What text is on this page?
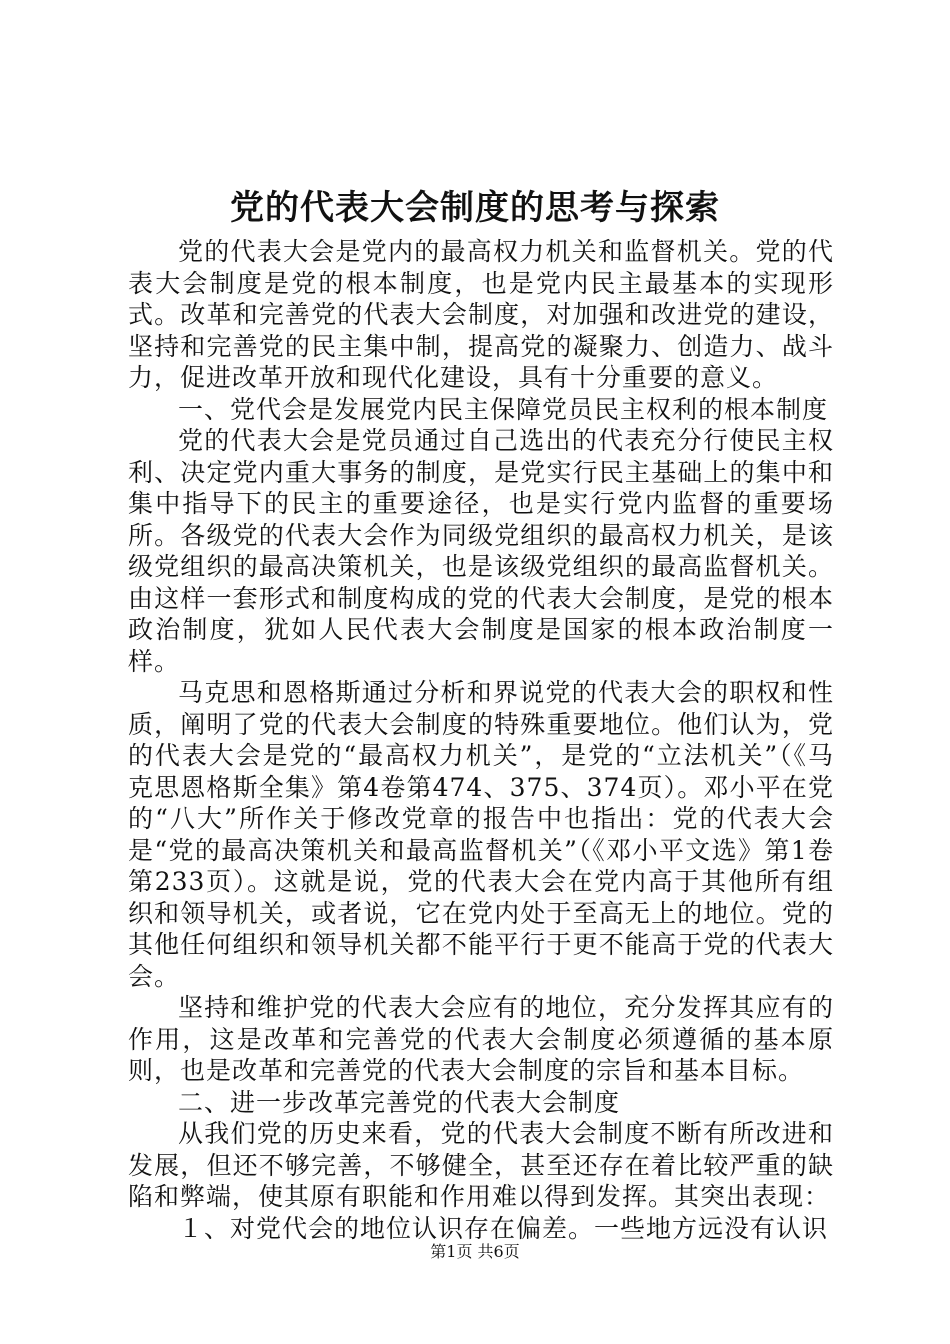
党的代表大会制度的思考与探索

党的代表大会是党内的最高权力机关和监督机关。党的代表大会制度是党的根本制度，也是党内民主最基本的实现形式。改革和完善党的代表大会制度，对加强和改进党的建设，坚持和完善党的民主集中制，提高党的凝聚力、创造力、战斗力，促进改革开放和现代化建设，具有十分重要的意义。

一、党代会是发展党内民主保障党员民主权利的根本制度

党的代表大会是党员通过自己选出的代表充分行使民主权利、决定党内重大事务的制度，是党实行民主基础上的集中和集中指导下的民主的重要途径，也是实行党内监督的重要场所。各级党的代表大会作为同级党组织的最高权力机关，是该级党组织的最高决策机关，也是该级党组织的最高监督机关。由这样一套形式和制度构成的党的代表大会制度，是党的根本政治制度，犹如人民代表大会制度是国家的根本政治制度一样。

马克思和恩格斯通过分析和界说党的代表大会的职权和性质，阐明了党的代表大会制度的特殊重要地位。他们认为，党的代表大会是党的“最高权力机关”，是党的“立法机关”（《马克思恩格斯全集》第4卷第474、375、374页）。邓小平在党的“八大”所作关于修改党章的报告中也指出：党的代表大会是“党的最高决策机关和最高监督机关”（《邓小平文选》第1卷第233页）。这就是说，党的代表大会在党内高于其他所有组织和领导机关，或者说，它在党内处于至高无上的地位。党的其他任何组织和领导机关都不能平行于更不能高于党的代表大会。

坚持和维护党的代表大会应有的地位，充分发挥其应有的作用，这是改革和完善党的代表大会制度必须遵循的基本原则，也是改革和完善党的代表大会制度的宗旨和基本目标。

二、进一步改革完善党的代表大会制度

从我们党的历史来看，党的代表大会制度不断有所改进和发展，但还不够完善，不够健全，甚至还存在着比较严重的缺陷和弊端，使其原有职能和作用难以得到发挥。其突出表现：

１、对党代会的地位认识存在偏差。一些地方远没有认识

第1页 共6页
